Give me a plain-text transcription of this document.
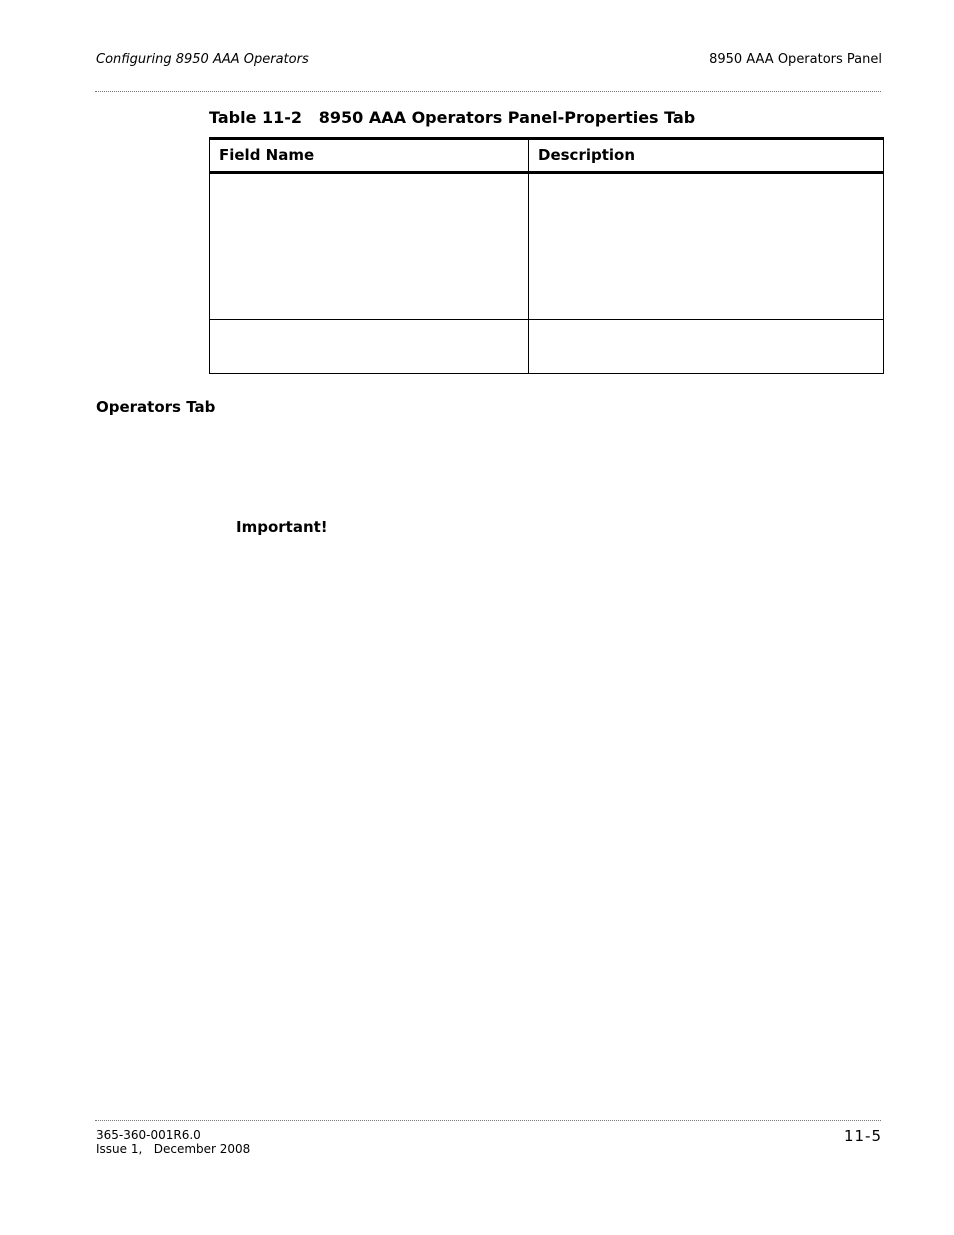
Configuring 8950 AAA Operators	8950 AAA Operators Panel
Table 11-2   8950 AAA Operators Panel-Properties Tab
Field Name	Description

Operators Tab
Important!
365-360-001R6.0
Issue 1,   December 2008
11-5
